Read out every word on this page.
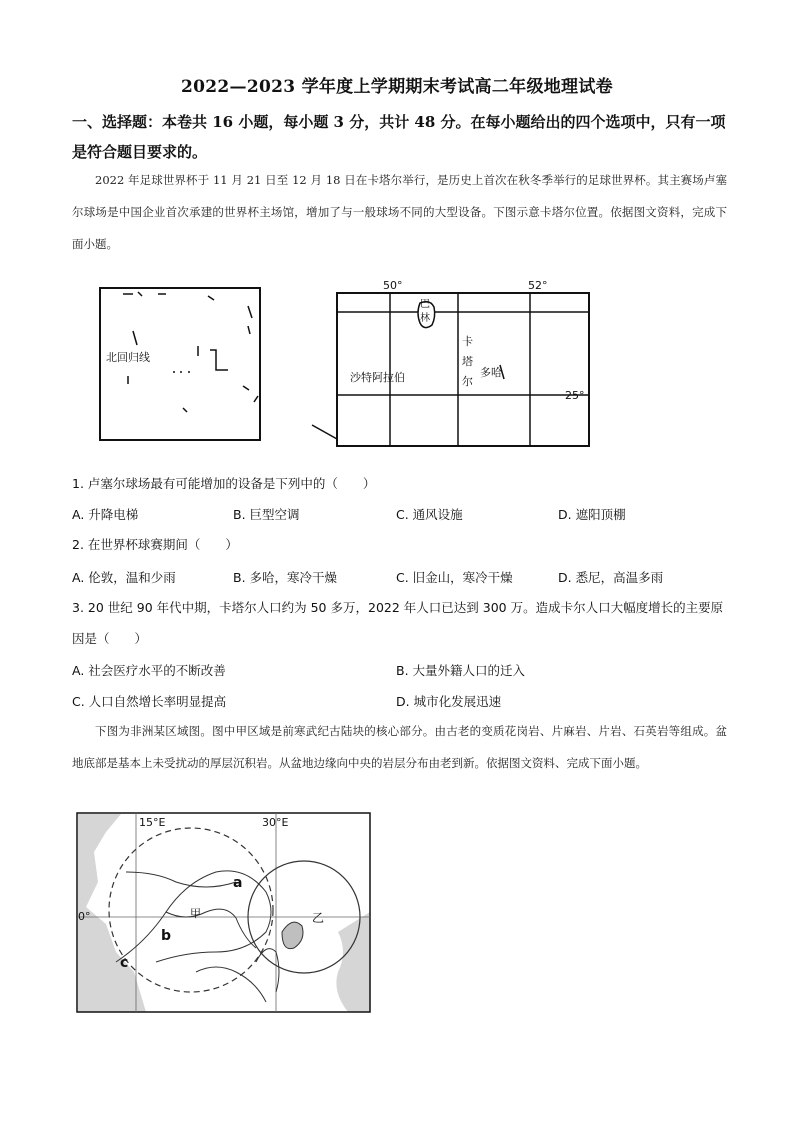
2022—2023 学年度上学期期末考试高二年级地理试卷
一、选择题：本卷共 16 小题，每小题 3 分，共计 48 分。在每小题给出的四个选项中，只有一项是符合题目要求的。
2022 年足球世界杯于 11 月 21 日至 12 月 18 日在卡塔尔举行，是历史上首次在秋冬季举行的足球世界杯。其主赛场卢塞尔球场是中国企业首次承建的世界杯主场馆，增加了与一般球场不同的大型设备。下图示意卡塔尔位置。依据图文资料，完成下面小题。
北回归线
50°	52°
25°
沙特阿拉伯
巴
林
卡
塔
尔
多哈
1. 卢塞尔球场最有可能增加的设备是下列中的（　　）
A. 升降电梯	B. 巨型空调	C. 通风设施	D. 遮阳顶棚
2. 在世界杯球赛期间（　　）
A. 伦敦，温和少雨	B. 多哈，寒冷干燥	C. 旧金山，寒冷干燥	D. 悉尼，高温多雨
3. 20 世纪 90 年代中期，卡塔尔人口约为 50 多万，2022 年人口已达到 300 万。造成卡尔人口大幅度增长的主要原因是（　　）
A. 社会医疗水平的不断改善	B. 大量外籍人口的迁入
C. 人口自然增长率明显提高	D. 城市化发展迅速
下图为非洲某区域图。图中甲区域是前寒武纪古陆块的核心部分。由古老的变质花岗岩、片麻岩、片岩、石英岩等组成。盆地底部是基本上未受扰动的厚层沉积岩。从盆地边缘向中央的岩层分布由老到新。依据图文资料、完成下面小题。
15°E	30°E
0°
a
b
c
甲	乙
